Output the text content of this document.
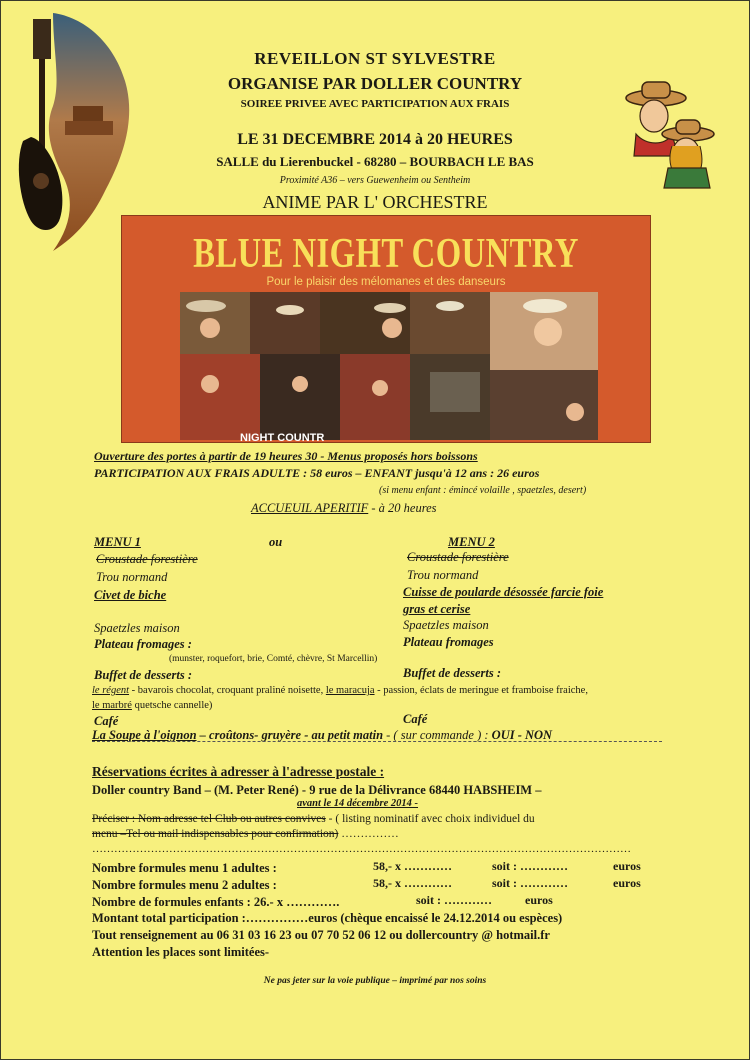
REVEILLON ST SYLVESTRE
ORGANISE PAR DOLLER COUNTRY
SOIREE PRIVEE AVEC PARTICIPATION AUX FRAIS
LE 31 DECEMBRE 2014 à 20 HEURES
SALLE du Lierenbuckel - 68280 – BOURBACH LE BAS
Proximité A36 – vers Guewenheim ou Sentheim
ANIME PAR L' ORCHESTRE
BLUE NIGHT COUNTRY
Pour le plaisir des mélomanes et des danseurs
NIGHT COUNTR
Ouverture des portes à partir de 19 heures 30 - Menus proposés hors boissons
PARTICIPATION AUX FRAIS ADULTE : 58 euros – ENFANT jusqu'à 12 ans : 26 euros
(si menu enfant : émincé volaille , spaetzles, desert)
ACCUEUIL APERITIF - à 20 heures
MENU 1	ou	MENU 2
Croustade forestière	Croustade forestière
Trou normand	Trou normand
Civet de biche	Cuisse de poularde désossée farcie foie
gras et cerise
Spaetzles maison	Spaetzles maison
Plateau fromages :	Plateau fromages
(munster, roquefort, brie, Comté, chèvre, St Marcellin)
Buffet de desserts :	Buffet de desserts :
le régent - bavarois chocolat, croquant praliné noisette, le maracuja - passion, éclats de meringue et framboise fraiche,
le marbré quetsche cannelle)
Café	Café
La Soupe à l'oignon – croûtons- gruyère - au petit matin - ( sur commande ) : OUI - NON
Réservations écrites à adresser à l'adresse postale :
Doller country Band – (M. Peter René) - 9 rue de la Délivrance 68440 HABSHEIM –
avant le 14 décembre 2014 -
Préciser : Nom adresse tel Club ou autres convives - ( listing nominatif avec choix individuel du
menu –Tel ou mail indispensables pour confirmation) ……………
…………………………………………………………………………………………………………………………………
Nombre formules menu 1 adultes :	58,- x …………	soit : …………	euros
Nombre formules menu 2 adultes :	58,- x …………	soit : …………	euros
Nombre de formules enfants : 26.- x ………….	soit : …………	euros
Montant total participation :……………euros (chèque encaissé le 24.12.2014 ou espèces)
Tout renseignement au 06 31 03 16 23 ou 07 70 52 06 12 ou dollercountry @ hotmail.fr
Attention les places sont limitées-
Ne pas jeter sur la voie publique – imprimé par nos soins
